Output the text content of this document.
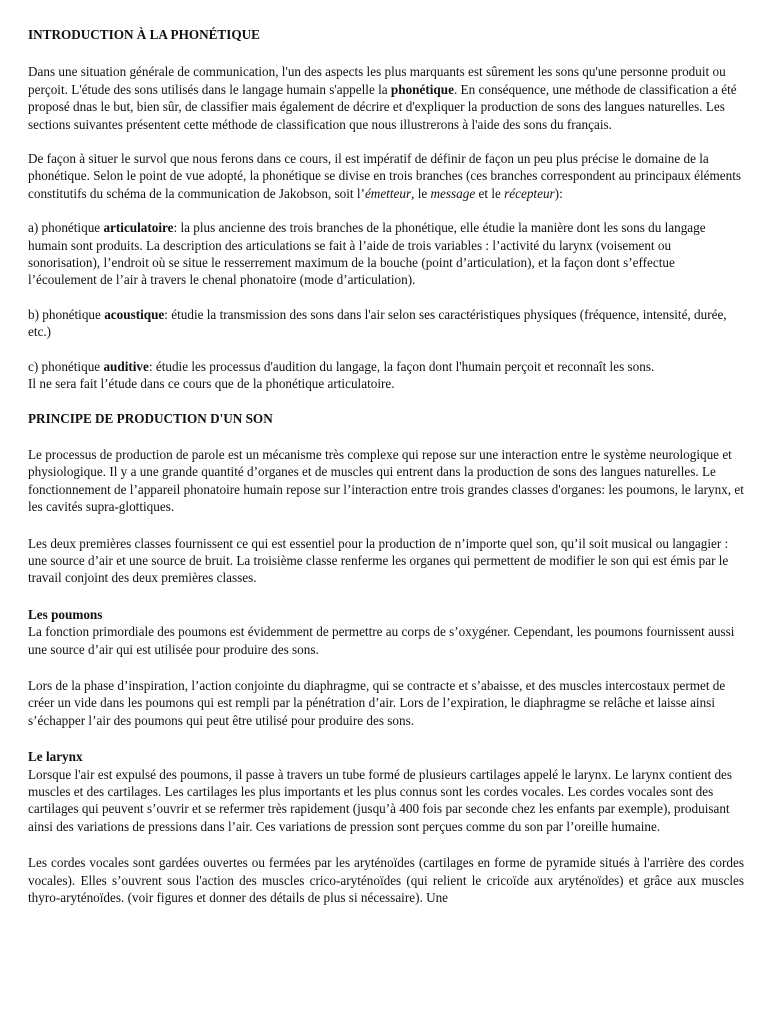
INTRODUCTION À LA PHONÉTIQUE

Dans une situation générale de communication, l'un des aspects les plus marquants est sûrement les sons qu'une personne produit ou perçoit. L'étude des sons utilisés dans le langage humain s'appelle la phonétique. En conséquence, une méthode de classification a été proposé dnas le but, bien sûr, de classifier mais également de décrire et d'expliquer la production de sons des langues naturelles. Les sections suivantes présentent cette méthode de classification que nous illustrerons à l'aide des sons du français.

De façon à situer le survol que nous ferons dans ce cours, il est impératif de définir de façon un peu plus précise le domaine de la phonétique. Selon le point de vue adopté, la phonétique se divise en trois branches (ces branches correspondent au principaux éléments constitutifs du schéma de la communication de Jakobson, soit l’émetteur, le message et le récepteur):

a) phonétique articulatoire: la plus ancienne des trois branches de la phonétique, elle étudie la manière dont les sons du langage humain sont produits. La description des articulations se fait à l’aide de trois variables : l’activité du larynx (voisement ou sonorisation), l’endroit où se situe le resserrement maximum de la bouche (point d’articulation), et la façon dont s’effectue l’écoulement de l’air à travers le chenal phonatoire (mode d’articulation).

b) phonétique acoustique: étudie la transmission des sons dans l'air selon ses caractéristiques physiques (fréquence, intensité, durée, etc.)

c) phonétique auditive: étudie les processus d'audition du langage, la façon dont l'humain perçoit et reconnaît les sons.

Il ne sera fait l’étude dans ce cours que de la phonétique articulatoire.

PRINCIPE DE PRODUCTION D'UN SON

Le processus de production de parole est un mécanisme très complexe qui repose sur une interaction entre le système neurologique et physiologique. Il y a une grande quantité d’organes et de muscles qui entrent dans la production de sons des langues naturelles. Le fonctionnement de l’appareil phonatoire humain repose sur l’interaction entre trois grandes classes d'organes: les poumons, le larynx, et les cavités supra-glottiques.

Les deux premières classes fournissent ce qui est essentiel pour la production de n’importe quel son, qu’il soit musical ou langagier : une source d’air et une source de bruit. La troisième classe renferme les organes qui permettent de modifier le son qui est émis par le travail conjoint des deux premières classes.

Les poumons

La fonction primordiale des poumons est évidemment de permettre au corps de s’oxygéner. Cependant, les poumons fournissent aussi une source d’air qui est utilisée pour produire des sons.

Lors de la phase d’inspiration, l’action conjointe du diaphragme, qui se contracte et s’abaisse, et des muscles intercostaux permet de créer un vide dans les poumons qui est rempli par la pénétration d’air. Lors de l’expiration, le diaphragme se relâche et laisse ainsi s’échapper l’air des poumons qui peut être utilisé pour produire des sons.

Le larynx

Lorsque l'air est expulsé des poumons, il passe à travers un tube formé de plusieurs cartilages appelé le larynx. Le larynx contient des muscles et des cartilages. Les cartilages les plus importants et les plus connus sont les cordes vocales. Les cordes vocales sont des cartilages qui peuvent s’ouvrir et se refermer très rapidement (jusqu’à 400 fois par seconde chez les enfants par exemple), produisant ainsi des variations de pressions dans l’air. Ces variations de pression sont perçues comme du son par l’oreille humaine.

Les cordes vocales sont gardées ouvertes ou fermées par les aryténoïdes (cartilages en forme de pyramide situés à l'arrière des cordes vocales). Elles s’ouvrent sous l'action des muscles crico-aryténoïdes (qui relient le cricoïde aux aryténoïdes) et grâce aux muscles thyro-aryténoïdes. (voir figures et donner des détails de plus si nécessaire). Une
